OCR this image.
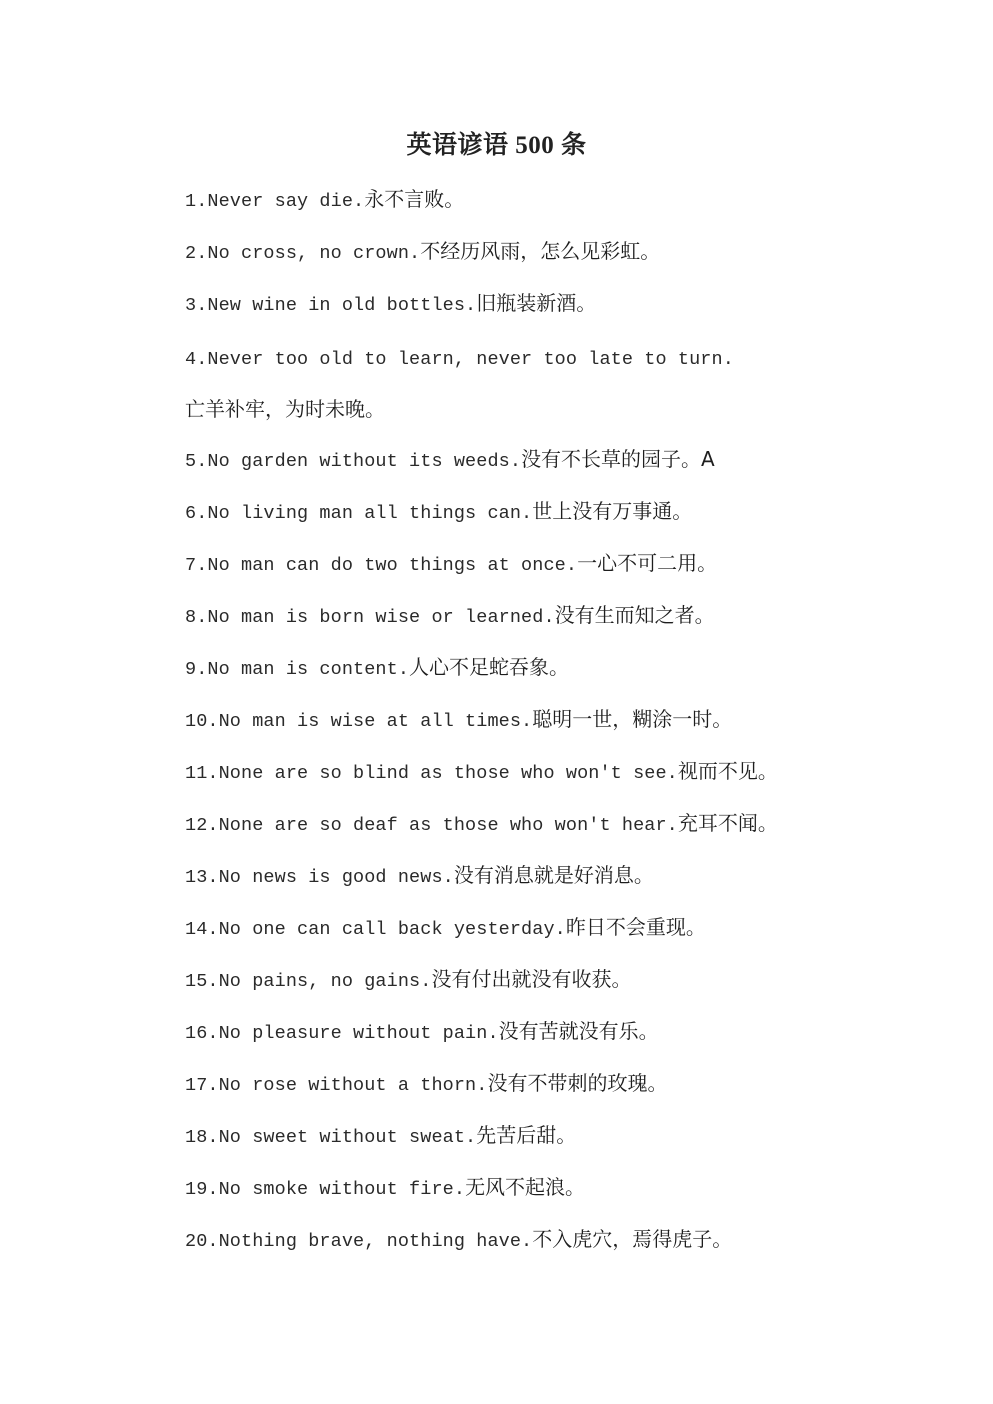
英语谚语 500 条
1.Never say die.永不言败。
2.No cross, no crown.不经历风雨，怎么见彩虹。
3.New wine in old bottles.旧瓶装新酒。
4.Never too old to learn, never too late to turn.
亡羊补牢，为时未晚。
5.No garden without its weeds.没有不长草的园子。A
6.No living man all things can.世上没有万事通。
7.No man can do two things at once.一心不可二用。
8.No man is born wise or learned.没有生而知之者。
9.No man is content.人心不足蛇吞象。
10.No man is wise at all times.聪明一世，糊涂一时。
11.None are so blind as those who won't see.视而不见。
12.None are so deaf as those who won't hear.充耳不闻。
13.No news is good news.没有消息就是好消息。
14.No one can call back yesterday.昨日不会重现。
15.No pains, no gains.没有付出就没有收获。
16.No pleasure without pain.没有苦就没有乐。
17.No rose without a thorn.没有不带刺的玫瑰。
18.No sweet without sweat.先苦后甜。
19.No smoke without fire.无风不起浪。
20.Nothing brave, nothing have.不入虎穴，焉得虎子。
